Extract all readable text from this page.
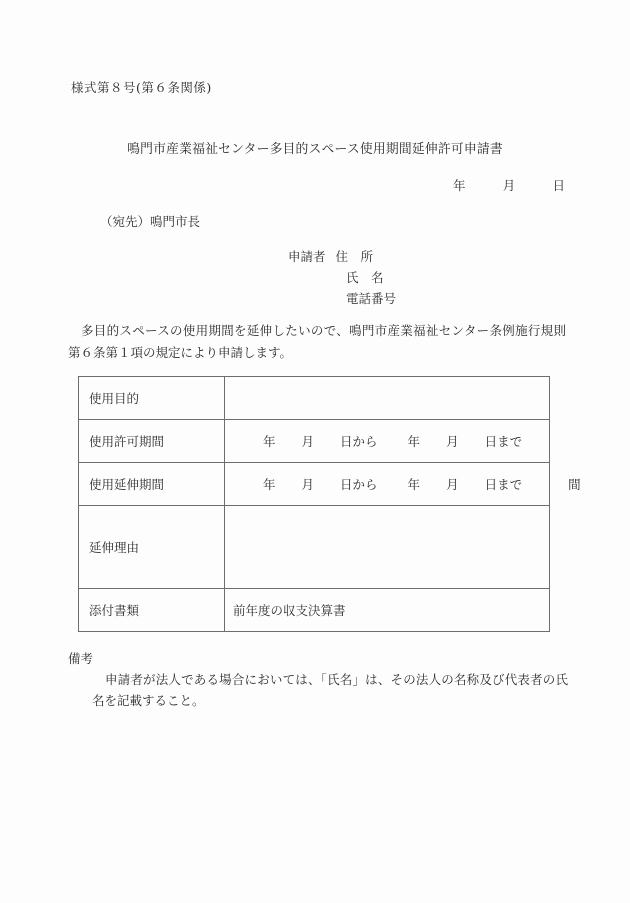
様式第８号(第６条関係)
鳴門市産業福祉センター多目的スペース使用期間延伸許可申請書
年	月	日
（宛先）鳴門市長
申請者 住　所
氏　名
電話番号
多目的スペースの使用期間を延伸したいので、鳴門市産業福祉センター条例施行規則第６条第１項の規定により申請します。
使用目的	
使用許可期間	年 月 日から 年 月 日まで
使用延伸期間	年 月 日から 年 月 日まで 間
延伸理由	
添付書類	前年度の収支決算書
備考
申請者が法人である場合においては、「氏名」は、その法人の名称及び代表者の氏名を記載すること。
